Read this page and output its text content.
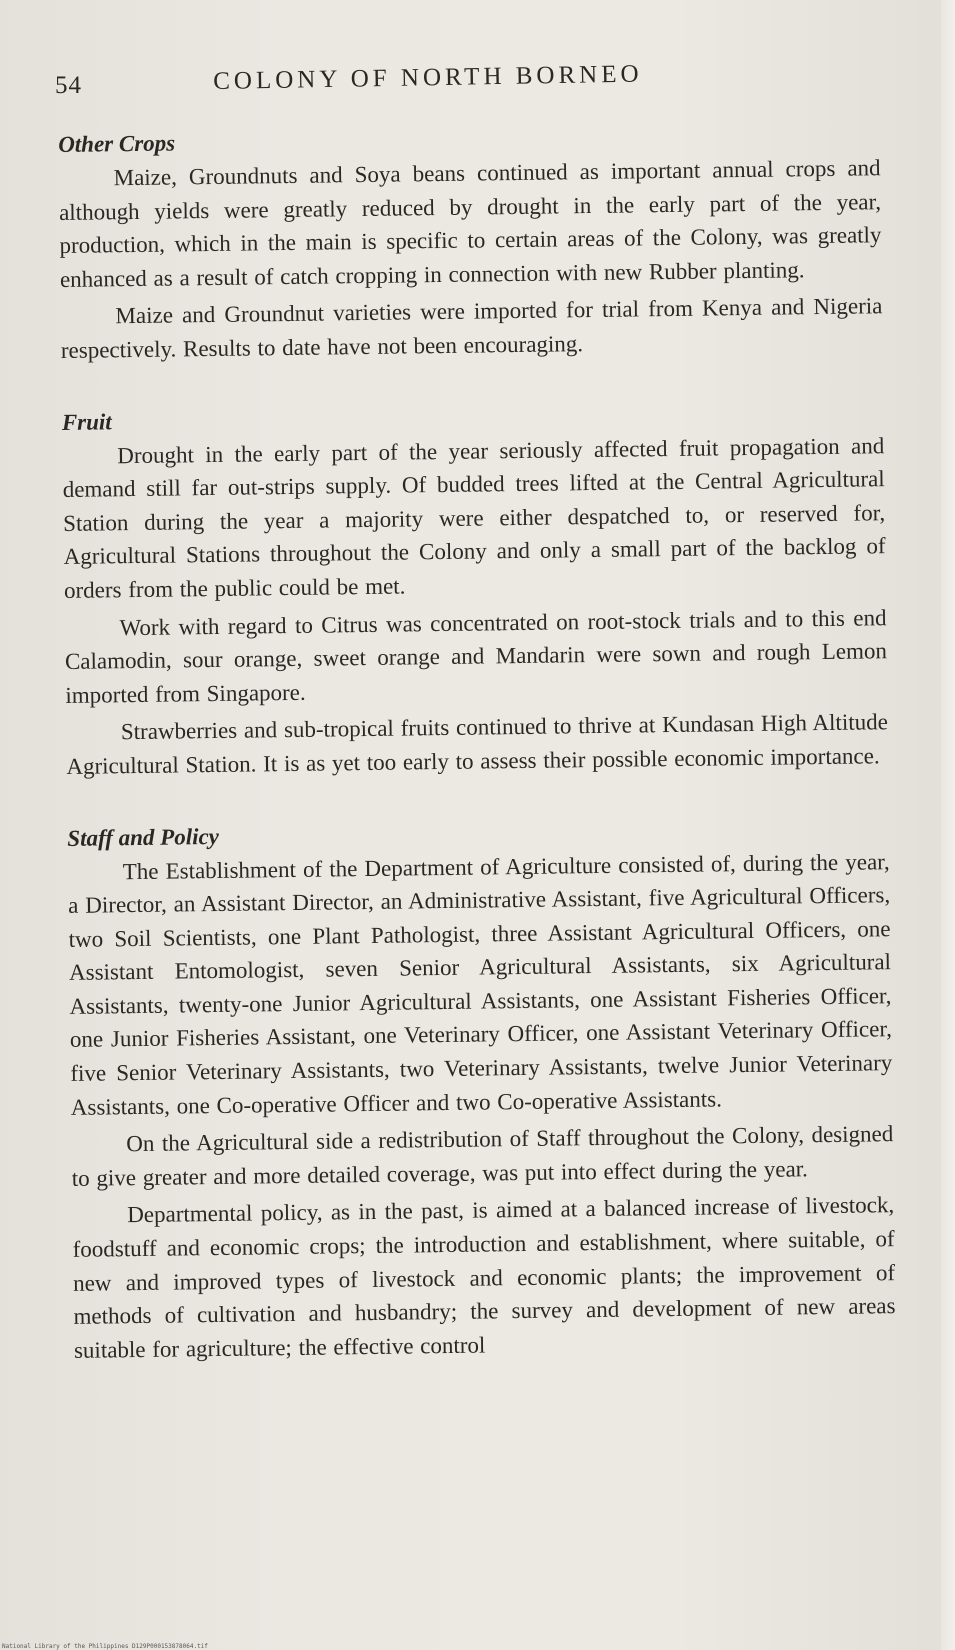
54	COLONY OF NORTH BORNEO
Other Crops

Maize, Groundnuts and Soya beans continued as important annual crops and although yields were greatly reduced by drought in the early part of the year, production, which in the main is specific to certain areas of the Colony, was greatly enhanced as a result of catch cropping in connection with new Rubber planting.

Maize and Groundnut varieties were imported for trial from Kenya and Nigeria respectively. Results to date have not been encouraging.

Fruit

Drought in the early part of the year seriously affected fruit propagation and demand still far out-strips supply. Of budded trees lifted at the Central Agricultural Station during the year a majority were either despatched to, or reserved for, Agricultural Stations throughout the Colony and only a small part of the backlog of orders from the public could be met.

Work with regard to Citrus was concentrated on root-stock trials and to this end Calamodin, sour orange, sweet orange and Mandarin were sown and rough Lemon imported from Singapore.

Strawberries and sub-tropical fruits continued to thrive at Kundasan High Altitude Agricultural Station. It is as yet too early to assess their possible economic importance.

Staff and Policy

The Establishment of the Department of Agriculture consisted of, during the year, a Director, an Assistant Director, an Administrative Assistant, five Agricultural Officers, two Soil Scientists, one Plant Pathologist, three Assistant Agricultural Officers, one Assistant Entomologist, seven Senior Agricultural Assistants, six Agricultural Assistants, twenty-one Junior Agricultural Assistants, one Assistant Fisheries Officer, one Junior Fisheries Assistant, one Veterinary Officer, one Assistant Veterinary Officer, five Senior Veterinary Assistants, two Veterinary Assistants, twelve Junior Veterinary Assistants, one Co-operative Officer and two Co-operative Assistants.

On the Agricultural side a redistribution of Staff throughout the Colony, designed to give greater and more detailed coverage, was put into effect during the year.

Departmental policy, as in the past, is aimed at a balanced increase of livestock, foodstuff and economic crops; the introduction and establishment, where suitable, of new and improved types of livestock and economic plants; the improvement of methods of cultivation and husbandry; the survey and development of new areas suitable for agriculture; the effective control

National Library of the Philippines D129P000153878064.tif
